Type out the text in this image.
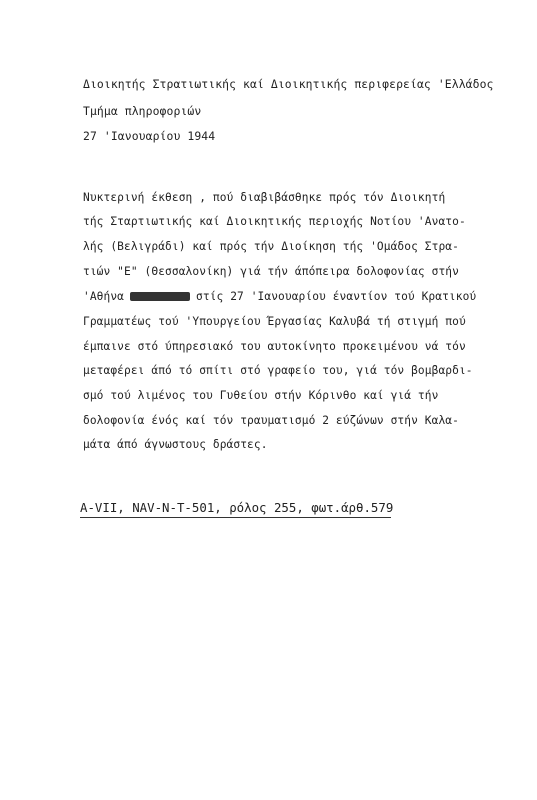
Διοικητής Στρατιωτικής καί Διοικητικής περιφερείας 'Ελλάδος
Τμήμα πληροφοριών
27 'Ιανουαρίου 1944
Νυκτερινή έκθεση , πού διαβιβάσθηκε πρός τόν Διοικητή
τής Σταρτιωτικής καί Διοικητικής περιοχής Νοτίου 'Ανατο-
λής (Βελιγράδι) καί πρός τήν Διοίκηση τής 'Ομάδος Στρα-
τιών "Ε" (Θεσσαλονίκη) γιά τήν άπόπειρα δολοφονίας στήν
'Αθήνα	στίς 27 'Ιανουαρίου έναντίον τού Κρατικού
Γραμματέως τού 'Υπουργείου Έργασίας Καλυβά τή στιγμή πού
έμπαινε στό ύπηρεσιακό του αυτοκίνητο προκειμένου νά τόν
μεταφέρει άπό τό σπίτι στό γραφείο του, γιά τόν βομβαρδι-
σμό τού λιμένος του Γυθείου στήν Κόρινθο καί γιά τήν
δολοφονία ένός καί τόν τραυματισμό 2 εύζώνων στήν Καλα-
μάτα άπό άγνωστους δράστες.
A-VII, NAV-N-T-501, ρόλος 255, φωτ.άρθ.579
